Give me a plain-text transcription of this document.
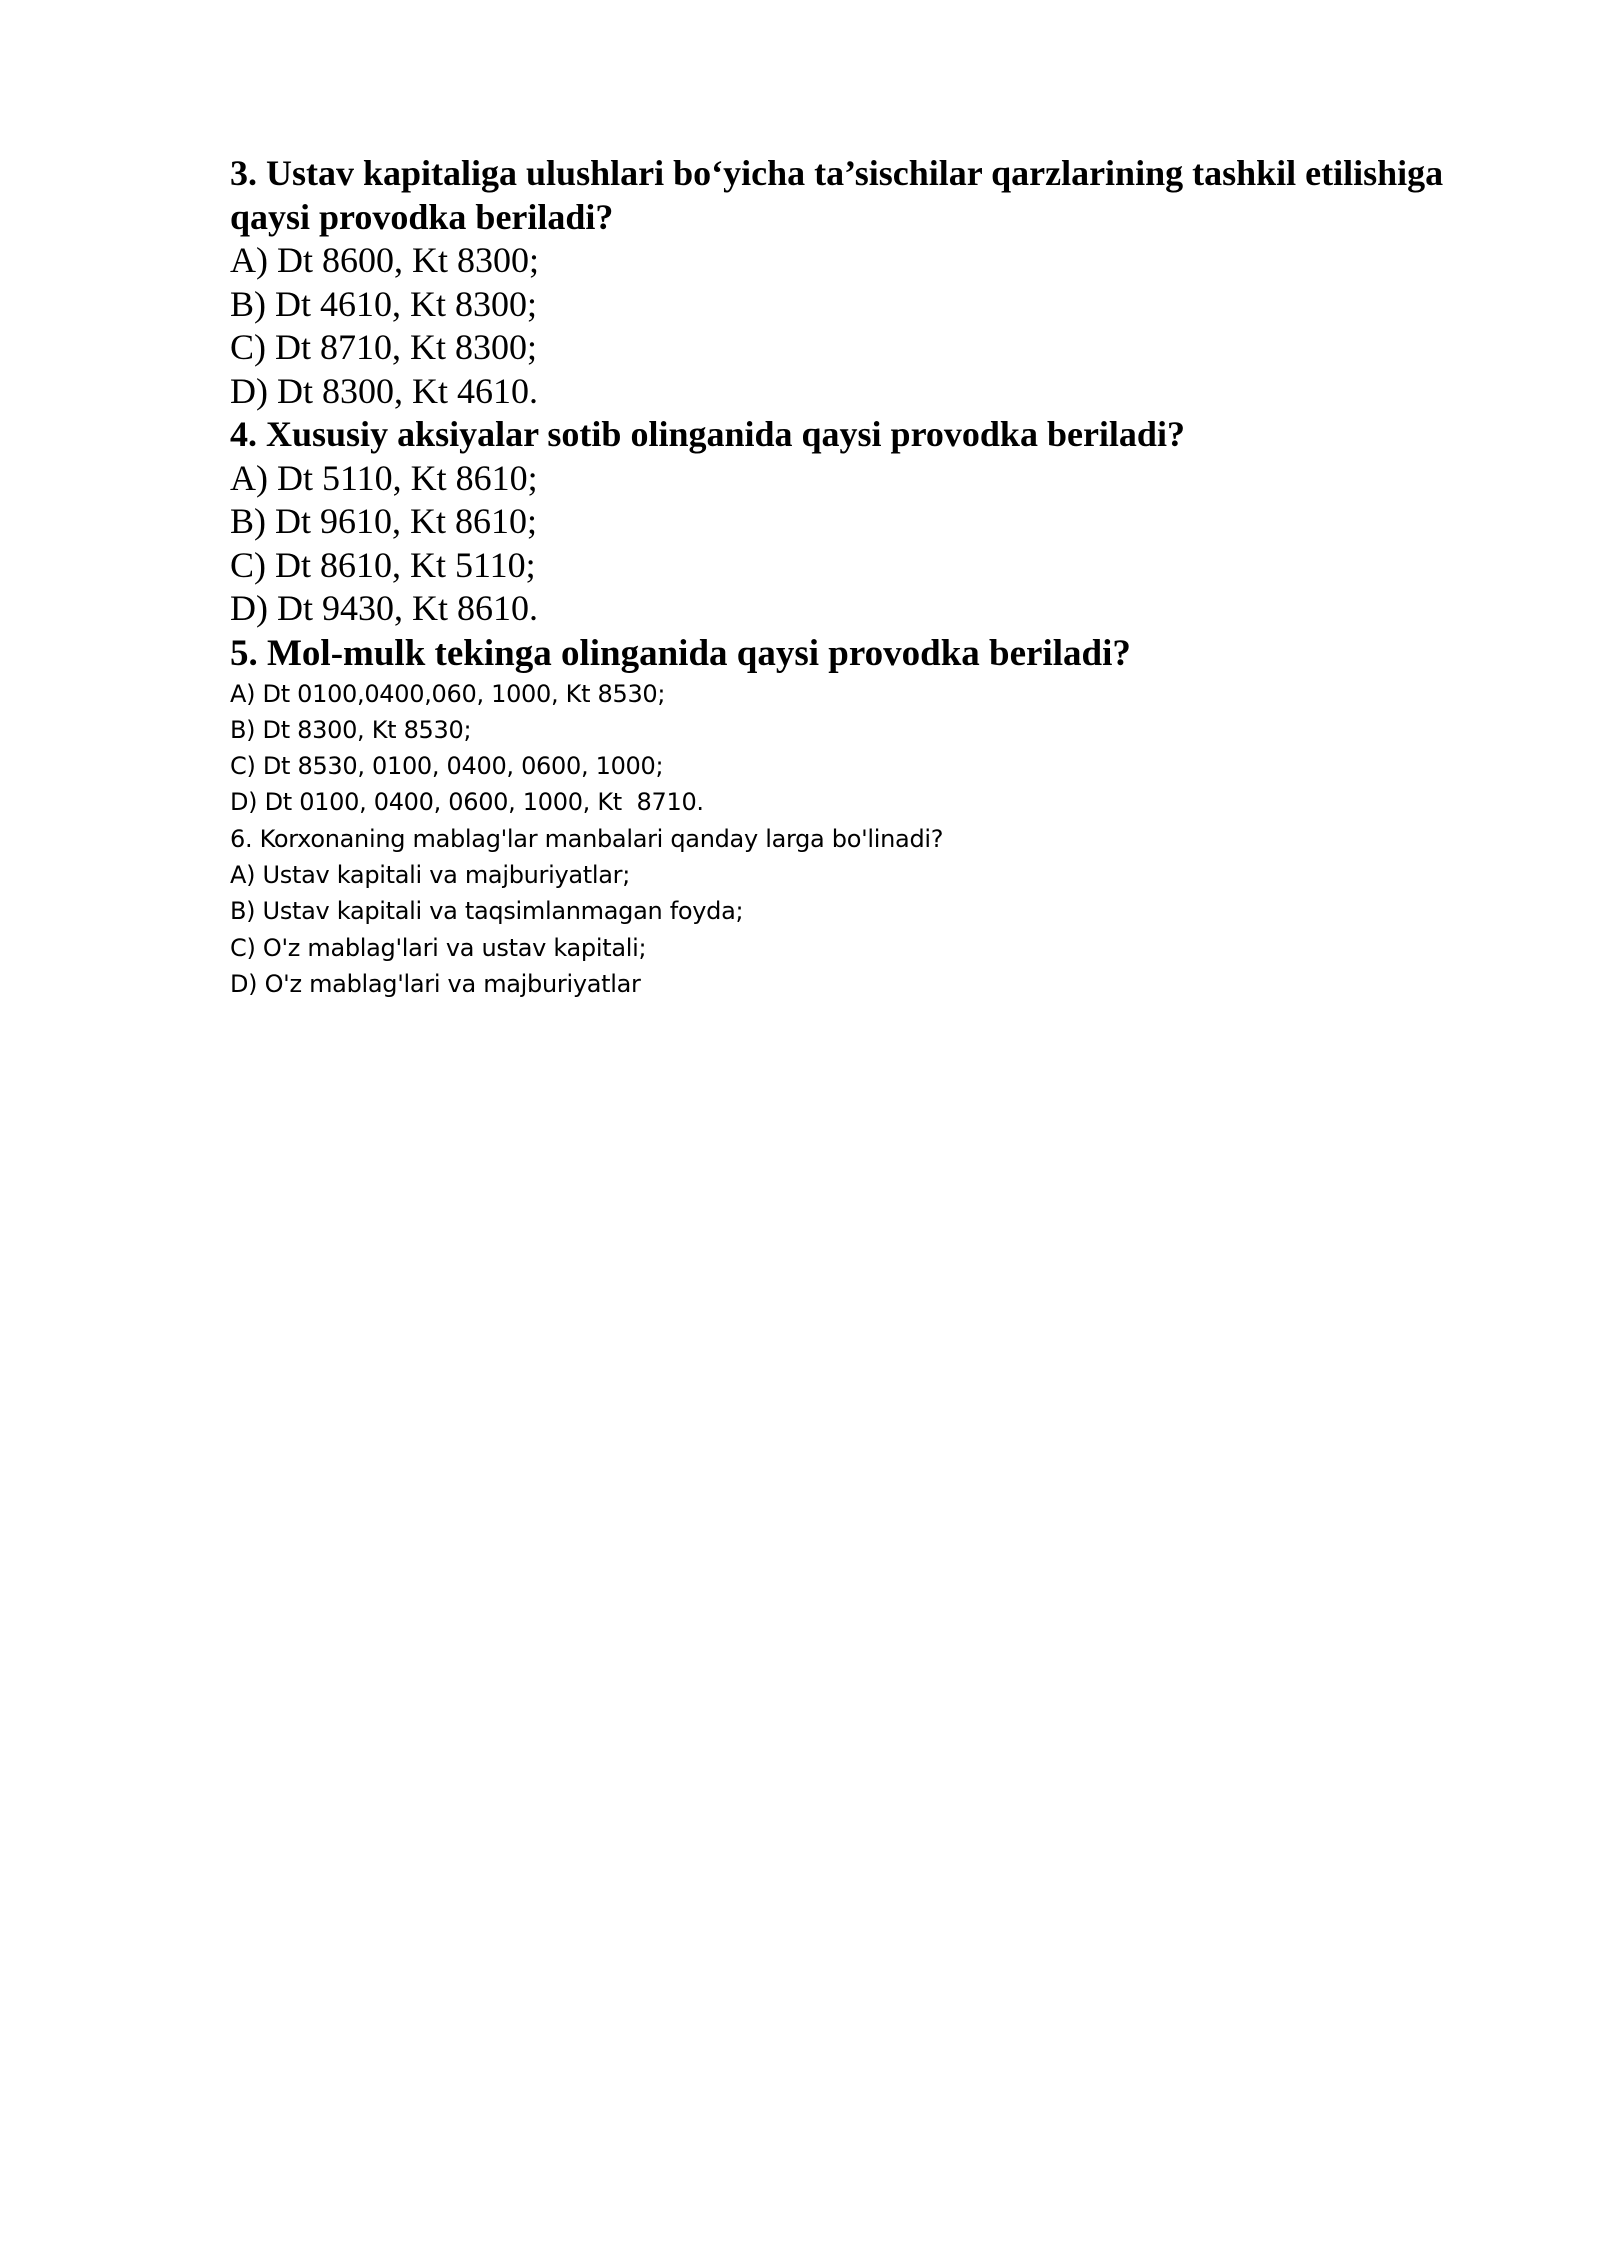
3. Ustav kapitaliga ulushlari bo‘yicha ta’sischilar qarzlarining tashkil etilishiga qaysi provodka beriladi?

A) Dt 8600, Kt 8300;

B) Dt 4610, Kt 8300;

C) Dt 8710, Kt 8300;

D) Dt 8300, Kt 4610.

4. Xususiy aksiyalar sotib olinganida qaysi provodka beriladi?

A) Dt 5110, Kt 8610;

B) Dt 9610, Kt 8610;

C) Dt 8610, Kt 5110;

D) Dt 9430, Kt 8610.

5. Mol-mulk tekinga olinganida qaysi provodka beriladi?

A) Dt 0100,0400,060, 1000, Kt 8530;

B) Dt 8300, Kt 8530;

C) Dt 8530, 0100, 0400, 0600, 1000;

D) Dt 0100, 0400, 0600, 1000, Kt  8710.

6. Korxonaning mablag'lar manbalari qanday larga bo'linadi?

A) Ustav kapitali va majburiyatlar;

B) Ustav kapitali va taqsimlanmagan foyda;

C) O'z mablag'lari va ustav kapitali;

D) O'z mablag'lari va majburiyatlar
